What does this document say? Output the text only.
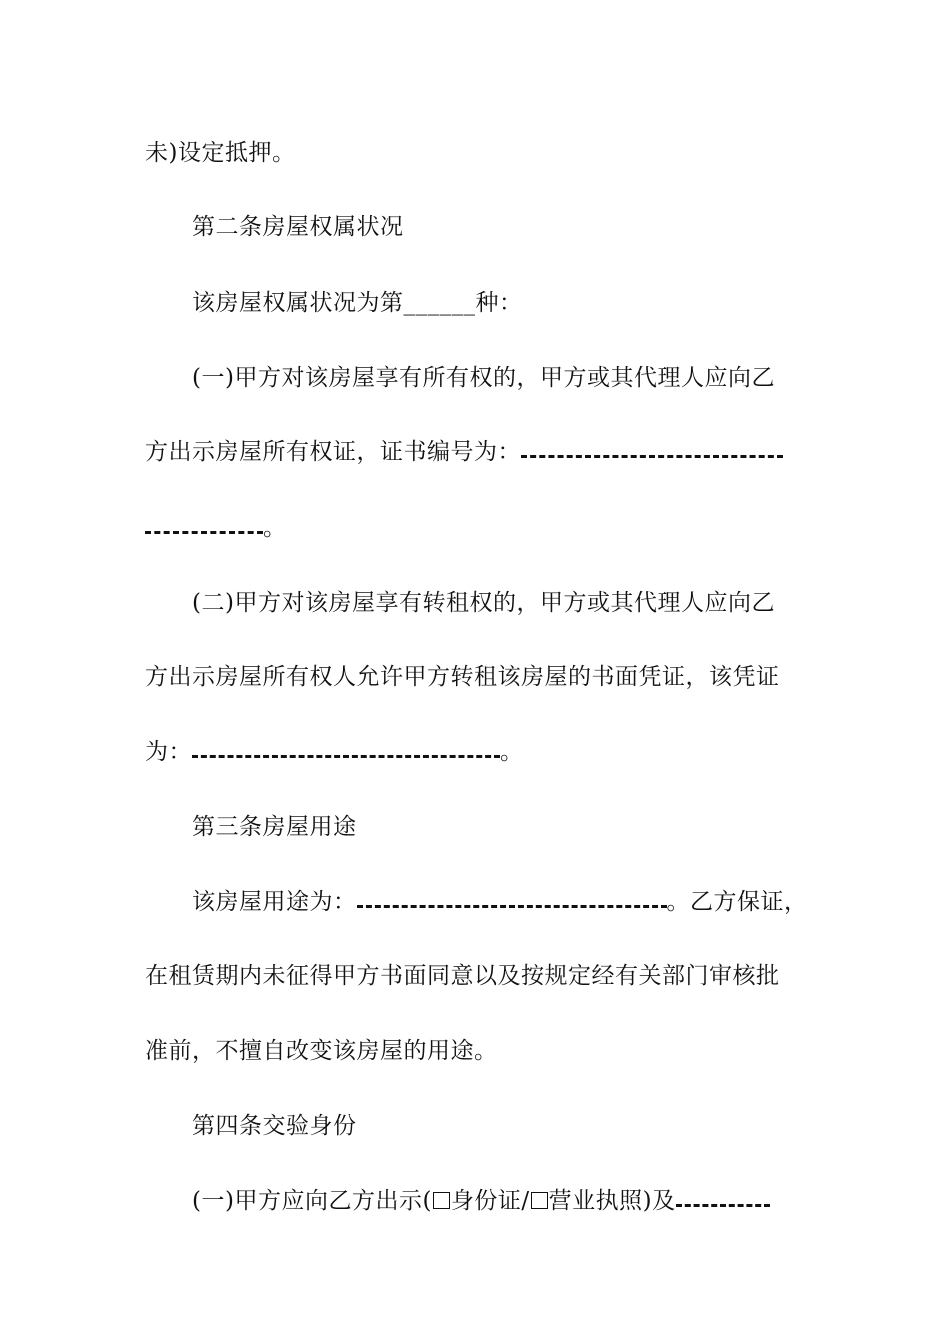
未)设定抵押。
第二条房屋权属状况
该房屋权属状况为第______种：
(一)甲方对该房屋享有所有权的，甲方或其代理人应向乙
方出示房屋所有权证，证书编号为：
。
(二)甲方对该房屋享有转租权的，甲方或其代理人应向乙
方出示房屋所有权人允许甲方转租该房屋的书面凭证，该凭证
为：	。
第三条房屋用途
该房屋用途为：	。乙方保证，
在租赁期内未征得甲方书面同意以及按规定经有关部门审核批
准前，不擅自改变该房屋的用途。
第四条交验身份
(一)甲方应向乙方出示( 身份证/ 营业执照)及
